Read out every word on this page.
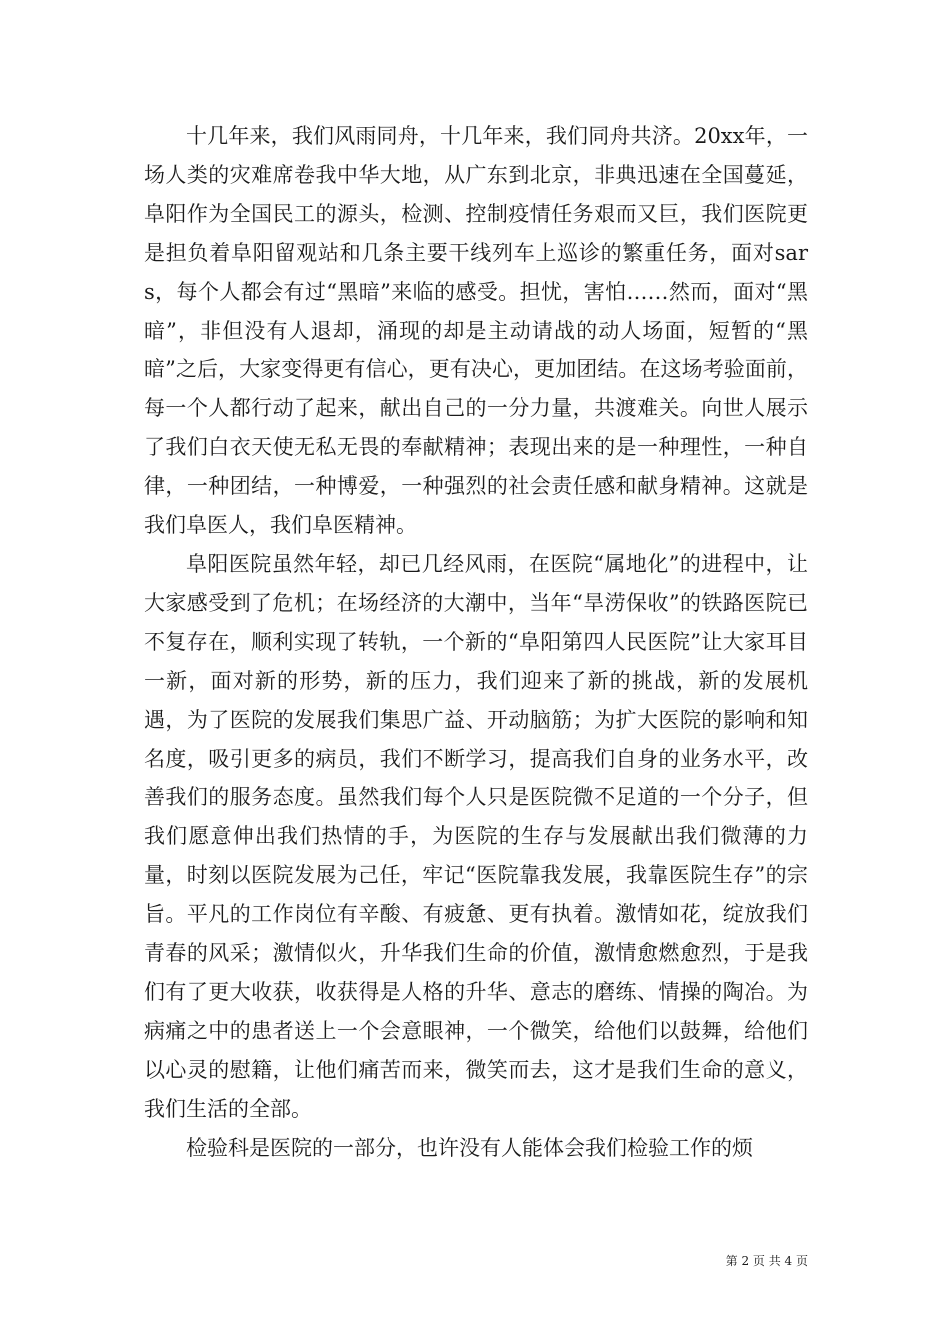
十几年来，我们风雨同舟，十几年来，我们同舟共济。20xx年，一场人类的灾难席卷我中华大地，从广东到北京，非典迅速在全国蔓延，阜阳作为全国民工的源头，检测、控制疫情任务艰而又巨，我们医院更是担负着阜阳留观站和几条主要干线列车上巡诊的繁重任务，面对sars，每个人都会有过“黑暗”来临的感受。担忧，害怕……然而，面对“黑暗”，非但没有人退却，涌现的却是主动请战的动人场面，短暂的“黑暗”之后，大家变得更有信心，更有决心，更加团结。在这场考验面前，每一个人都行动了起来，献出自己的一分力量，共渡难关。向世人展示了我们白衣天使无私无畏的奉献精神；表现出来的是一种理性，一种自律，一种团结，一种博爱，一种强烈的社会责任感和献身精神。这就是我们阜医人，我们阜医精神。

阜阳医院虽然年轻，却已几经风雨，在医院“属地化”的进程中，让大家感受到了危机；在场经济的大潮中，当年“旱涝保收”的铁路医院已不复存在，顺利实现了转轨，一个新的“阜阳第四人民医院”让大家耳目一新，面对新的形势，新的压力，我们迎来了新的挑战，新的发展机遇，为了医院的发展我们集思广益、开动脑筋；为扩大医院的影响和知名度，吸引更多的病员，我们不断学习，提高我们自身的业务水平，改善我们的服务态度。虽然我们每个人只是医院微不足道的一个分子，但我们愿意伸出我们热情的手，为医院的生存与发展献出我们微薄的力量，时刻以医院发展为己任，牢记“医院靠我发展，我靠医院生存”的宗旨。平凡的工作岗位有辛酸、有疲惫、更有执着。激情如花，绽放我们青春的风采；激情似火，升华我们生命的价值，激情愈燃愈烈，于是我们有了更大收获，收获得是人格的升华、意志的磨练、情操的陶冶。为病痛之中的患者送上一个会意眼神，一个微笑，给他们以鼓舞，给他们以心灵的慰籍，让他们痛苦而来，微笑而去，这才是我们生命的意义，我们生活的全部。

检验科是医院的一部分，也许没有人能体会我们检验工作的烦

第 2 页 共 4 页
